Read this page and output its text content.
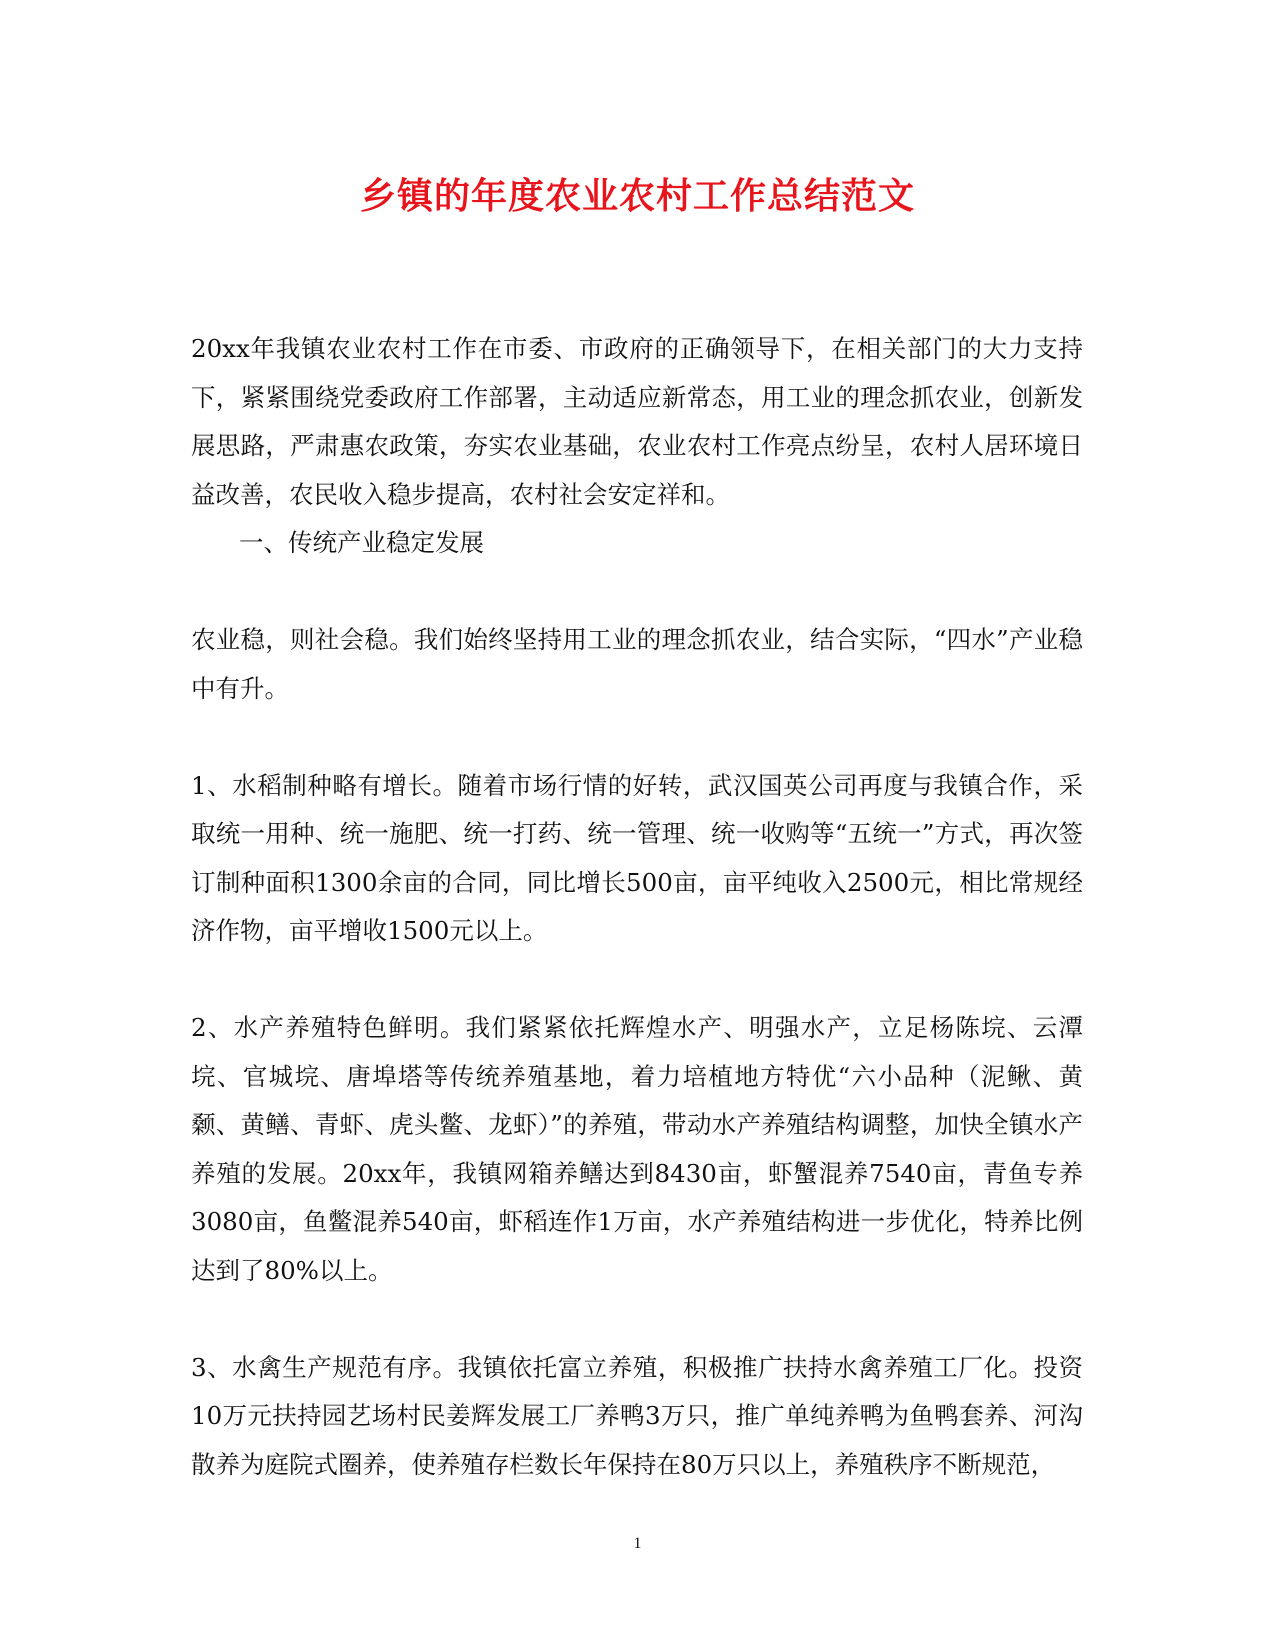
乡镇的年度农业农村工作总结范文

20xx年我镇农业农村工作在市委、市政府的正确领导下，在相关部门的大力支持下，紧紧围绕党委政府工作部署，主动适应新常态，用工业的理念抓农业，创新发展思路，严肃惠农政策，夯实农业基础，农业农村工作亮点纷呈，农村人居环境日益改善，农民收入稳步提高，农村社会安定祥和。

一、传统产业稳定发展

农业稳，则社会稳。我们始终坚持用工业的理念抓农业，结合实际，“四水”产业稳中有升。

1、水稻制种略有增长。随着市场行情的好转，武汉国英公司再度与我镇合作，采取统一用种、统一施肥、统一打药、统一管理、统一收购等“五统一”方式，再次签订制种面积1300余亩的合同，同比增长500亩，亩平纯收入2500元，相比常规经济作物，亩平增收1500元以上。

2、水产养殖特色鲜明。我们紧紧依托辉煌水产、明强水产，立足杨陈垸、云潭垸、官城垸、唐埠塔等传统养殖基地，着力培植地方特优“六小品种（泥鳅、黄颡、黄鳝、青虾、虎头鳖、龙虾）”的养殖，带动水产养殖结构调整，加快全镇水产养殖的发展。20xx年，我镇网箱养鳝达到8430亩，虾蟹混养7540亩，青鱼专养3080亩，鱼鳖混养540亩，虾稻连作1万亩，水产养殖结构进一步优化，特养比例达到了80%以上。

3、水禽生产规范有序。我镇依托富立养殖，积极推广扶持水禽养殖工厂化。投资10万元扶持园艺场村民姜辉发展工厂养鸭3万只，推广单纯养鸭为鱼鸭套养、河沟散养为庭院式圈养，使养殖存栏数长年保持在80万只以上，养殖秩序不断规范，

1
